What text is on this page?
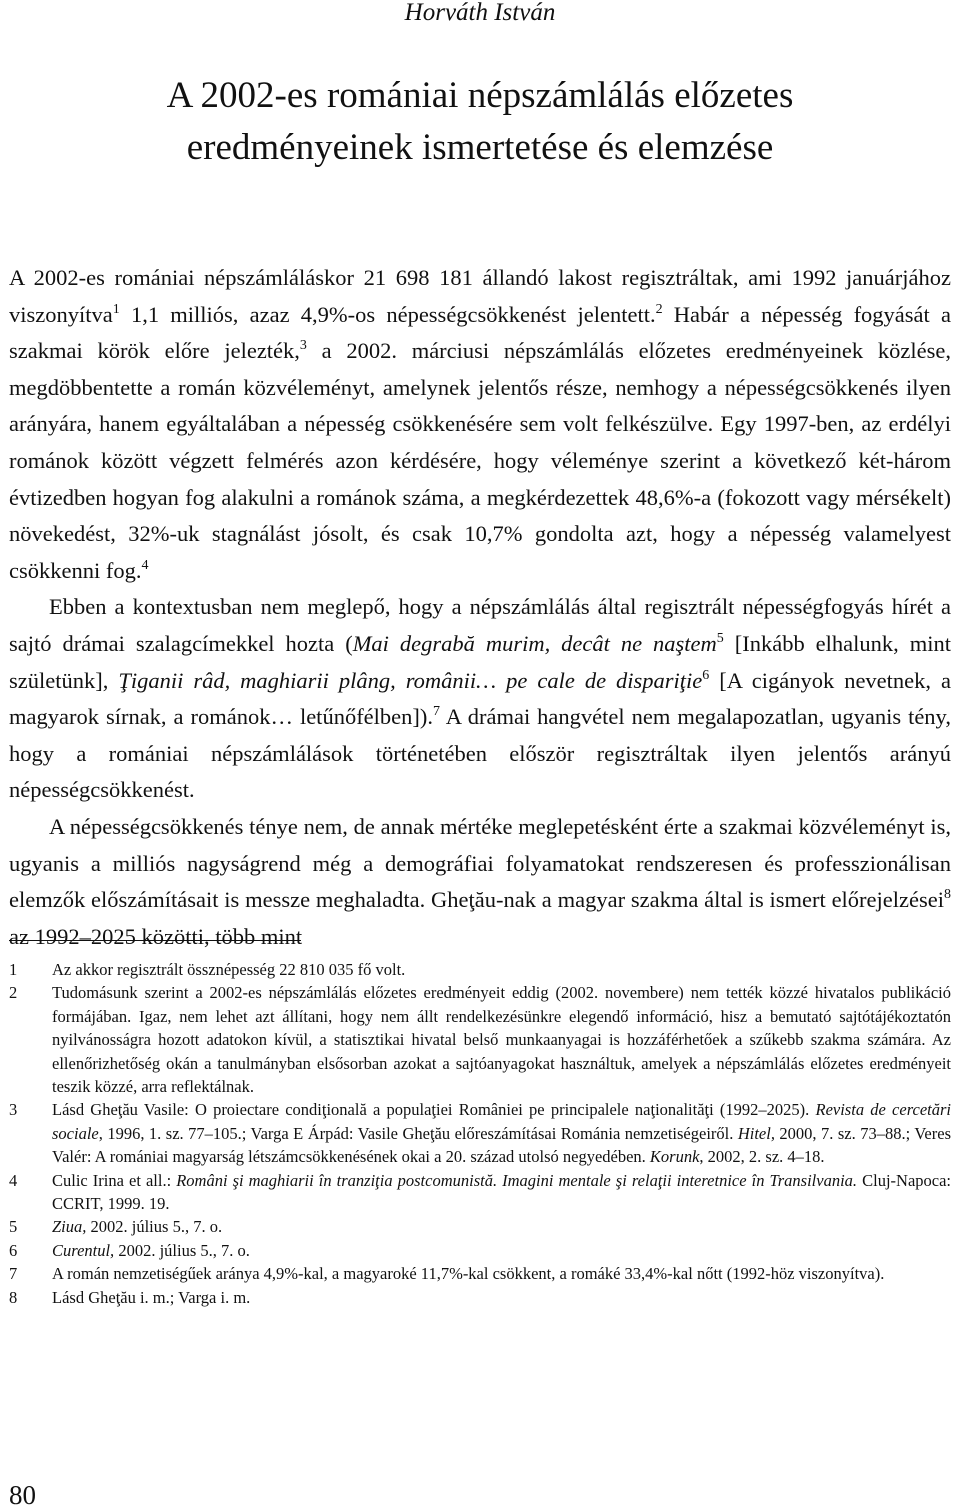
Horváth István
A 2002-es romániai népszámlálás előzetes
eredményeinek ismertetése és elemzése

A 2002-es romániai népszámláláskor 21 698 181 állandó lakost regisztráltak, ami 1992 januárjához viszonyítva$^1$ 1,1 milliós, azaz 4,9%-os népességcsökkenést jelentett.$^2$ Habár a népesség fogyását a szakmai körök előre jelezték,$^3$ a 2002. márciusi népszámlálás előzetes eredményeinek közlése, megdöbbentette a román közvéleményt, amelynek jelentős része, nemhogy a népességcsökkenés ilyen arányára, hanem egyáltalában a népesség csökkenésére sem volt felkészülve. Egy 1997-ben, az erdélyi románok között végzett felmérés azon kérdésére, hogy véleménye szerint a következő két-három évtizedben hogyan fog alakulni a románok száma, a megkérdezettek 48,6%-a (fokozott vagy mérsékelt) növekedést, 32%-uk stagnálást jósolt, és csak 10,7% gondolta azt, hogy a népesség valamelyest csökkenni fog.$^4$

Ebben a kontextusban nem meglepő, hogy a népszámlálás által regisztrált népességfogyás hírét a sajtó drámai szalagcímekkel hozta (Mai degrabă murim, decât ne naştem$^5$ [Inkább elhalunk, mint születünk], Ţiganii râd, maghiarii plâng, românii… pe cale de dispariţie$^6$ [A cigányok nevetnek, a magyarok sírnak, a románok… letűnőfélben]).$^7$ A drámai hangvétel nem megalapozatlan, ugyanis tény, hogy a romániai népszámlálások történetében először regisztráltak ilyen jelentős arányú népességcsökkenést.

A népességcsökkenés ténye nem, de annak mértéke meglepetésként érte a szakmai közvéleményt is, ugyanis a milliós nagyságrend még a demográfiai folyamatokat rendszeresen és professzionálisan elemzők előszámításait is messze meghaladta. Gheţău-nak a magyar szakma által is ismert előrejelzései$^8$ az 1992–2025 közötti, több mint

1	Az akkor regisztrált össznépesség 22 810 035 fő volt.
2	Tudomásunk szerint a 2002-es népszámlálás előzetes eredményeit eddig (2002. novembere) nem tették közzé hivatalos publikáció formájában. Igaz, nem lehet azt állítani, hogy nem állt rendelkezésünkre elegendő információ, hisz a bemutató sajtótájékoztatón nyilvánosságra hozott adatokon kívül, a statisztikai hivatal belső munkaanyagai is hozzáférhetőek a szűkebb szakma számára. Az ellenőrizhetőség okán a tanulmányban elsősorban azokat a sajtóanyagokat használtuk, amelyek a népszámlálás előzetes eredményeit teszik közzé, arra reflektálnak.
3	Lásd Gheţău Vasile: O proiectare condiţională a populaţiei României pe principalele naţionalităţi (1992–2025). Revista de cercetări sociale, 1996, 1. sz. 77–105.; Varga E Árpád: Vasile Gheţău előreszámításai Románia nemzetiségeiről. Hitel, 2000, 7. sz. 73–88.; Veres Valér: A romániai magyarság létszámcsökkenésének okai a 20. század utolsó negyedében. Korunk, 2002, 2. sz. 4–18.
4	Culic Irina et all.: Români şi maghiarii în tranziţia postcomunistă. Imagini mentale şi relaţii interetnice în Transilvania. Cluj-Napoca: CCRIT, 1999. 19.
5	Ziua, 2002. július 5., 7. o.
6	Curentul, 2002. július 5., 7. o.
7	A román nemzetiségűek aránya 4,9%-kal, a magyaroké 11,7%-kal csökkent, a romáké 33,4%-kal nőtt (1992-höz viszonyítva).
8	Lásd Gheţău i. m.; Varga i. m.
80
